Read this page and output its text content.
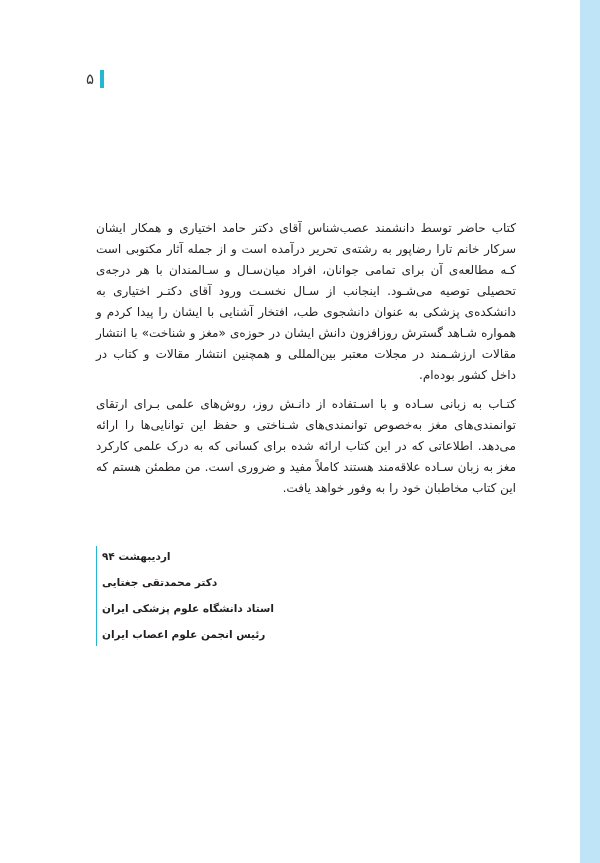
۵

کتاب حاضر توسط دانشمند عصب‌شناس آقای دکتر حامد اختیاری و همکار ایشان سرکار خانم تارا رضاپور به رشته‌ی تحریر درآمده است و از جمله آثار مکتوبی است کـه مطالعه‌ی آن برای تمامی جوانان، افراد میان‌سـال و سـالمندان با هر درجه‌ی تحصیلی توصیه می‌شـود. اینجانب از سـال نخسـت ورود آقای دکتـر اختیاری به دانشکده‌ی پزشکی به عنوان دانشجوی طب، افتخار آشنایی با ایشان را پیدا کردم و همواره شـاهد گسترش روزافزون دانش ایشان در حوزه‌ی «مغز و شناخت» با انتشار مقالات ارزشـمند در مجلات معتبر بین‌المللی و همچنین انتشار مقالات و کتاب در داخل کشور بوده‌ام.

کتـاب به زبانی سـاده و با اسـتفاده از دانـش روز، روش‌های علمی بـرای ارتقای توانمندی‌های مغز به‌خصوص توانمندی‌های شـناختی و حفظ این توانایی‌ها را ارائه می‌دهد. اطلاعاتی که در این کتاب ارائه شده برای کسانی که به درک علمی کارکرد مغز به زبان سـاده علاقه‌مند هستند کاملاً مفید و ضروری است. من مطمئن هستم که این کتاب مخاطبان خود را به وفور خواهد یافت.

اردیبهشت ۹۴
دکتر محمدتقی جغتایی
استاد دانشگاه علوم پزشکی ایران
رئیس انجمن علوم اعصاب ایران
